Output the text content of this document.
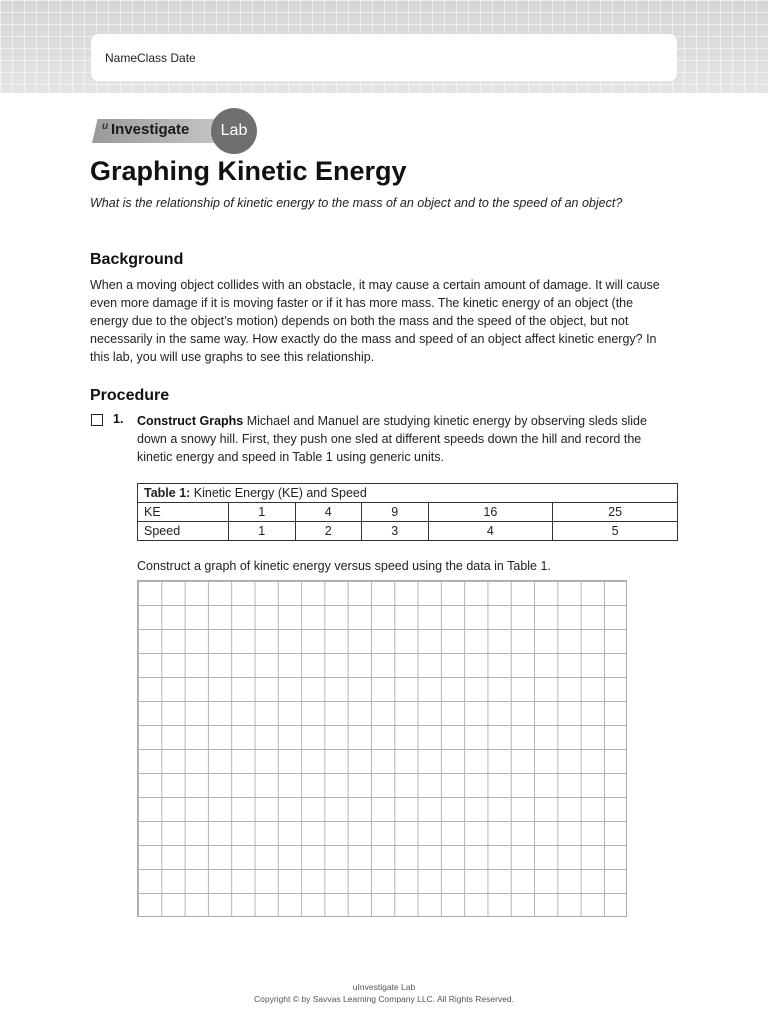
NameClass Date
u Investigate	Lab
Graphing Kinetic Energy
What is the relationship of kinetic energy to the mass of an object and to the speed of an object?
Background
When a moving object collides with an obstacle, it may cause a certain amount of damage. It will cause even more damage if it is moving faster or if it has more mass. The kinetic energy of an object (the energy due to the object’s motion) depends on both the mass and the speed of the object, but not necessarily in the same way. How exactly do the mass and speed of an object affect kinetic energy? In this lab, you will use graphs to see this relationship.
Procedure
1. Construct Graphs Michael and Manuel are studying kinetic energy by observing sleds slide down a snowy hill. First, they push one sled at different speeds down the hill and record the kinetic energy and speed in Table 1 using generic units.
Table 1: Kinetic Energy (KE) and Speed					
KE	1	4	9	16	25
Speed	1	2	3	4	5
Construct a graph of kinetic energy versus speed using the data in Table 1.
uInvestigate Lab
Copyright © by Savvas Learning Company LLC. All Rights Reserved.
